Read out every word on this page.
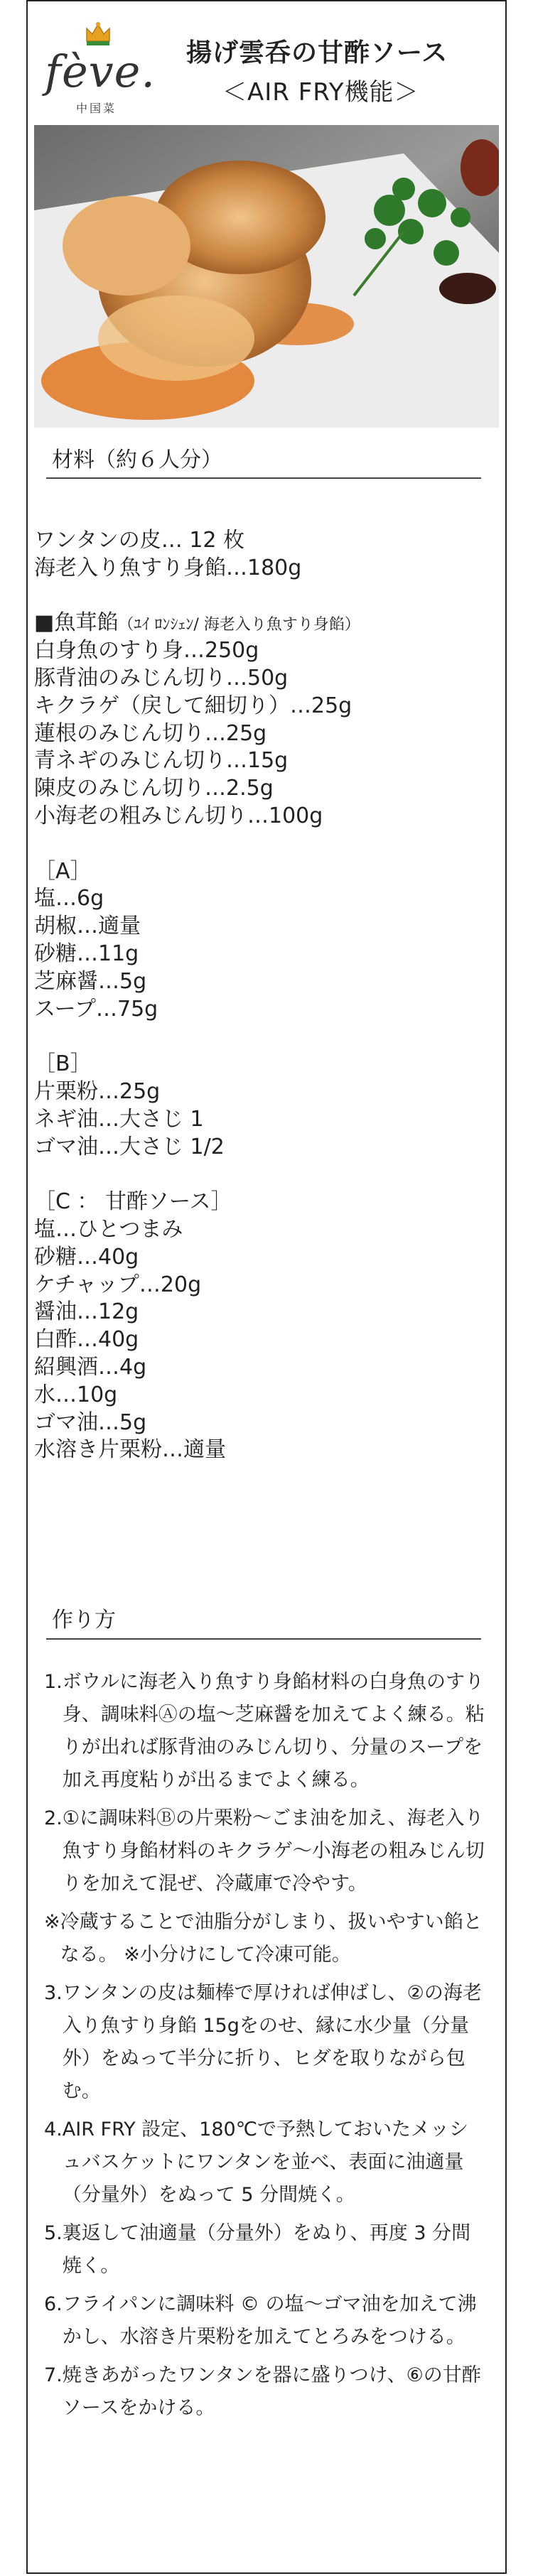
fève.
中国菜
揚げ雲呑の甘酢ソース
＜AIR FRY機能＞
材料（約６人分）
ワンタンの皮… 12 枚
海老入り魚すり身餡…180g
■魚茸餡（ﾕｲ ﾛﾝｼｪﾝ/ 海老入り魚すり身餡）
白身魚のすり身…250g
豚背油のみじん切り…50g
キクラゲ（戻して細切り）…25g
蓮根のみじん切り…25g
青ネギのみじん切り…15g
陳皮のみじん切り…2.5g
小海老の粗みじん切り…100g
［A］
塩…6g
胡椒…適量
砂糖…11g
芝麻醤…5g
スープ…75g
［B］
片栗粉…25g
ネギ油…大さじ 1
ゴマ油…大さじ 1/2
［C ： 甘酢ソース］
塩…ひとつまみ
砂糖…40g
ケチャップ…20g
醤油…12g
白酢…40g
紹興酒…4g
水…10g
ゴマ油…5g
水溶き片栗粉…適量
作り方
1. ボウルに海老入り魚すり身餡材料の白身魚のすり身、調味料Ⓐの塩～芝麻醤を加えてよく練る。粘りが出れば豚背油のみじん切り、分量のスープを加え再度粘りが出るまでよく練る。
2. ①に調味料Ⓑの片栗粉～ごま油を加え、海老入り魚すり身餡材料のキクラゲ～小海老の粗みじん切りを加えて混ぜ、冷蔵庫で冷やす。
※ 冷蔵することで油脂分がしまり、扱いやすい餡となる。 ※小分けにして冷凍可能。
3. ワンタンの皮は麺棒で厚ければ伸ばし、②の海老入り魚すり身餡 15gをのせ、縁に水少量（分量外）をぬって半分に折り、ヒダを取りながら包む。
4. AIR FRY 設定、180℃で予熱しておいたメッシュバスケットにワンタンを並べ、表面に油適量（分量外）をぬって 5 分間焼く。
5. 裏返して油適量（分量外）をぬり、再度 3 分間焼く。
6. フライパンに調味料 © の塩～ゴマ油を加えて沸かし、水溶き片栗粉を加えてとろみをつける。
7. 焼きあがったワンタンを器に盛りつけ、⑥の甘酢ソースをかける。
